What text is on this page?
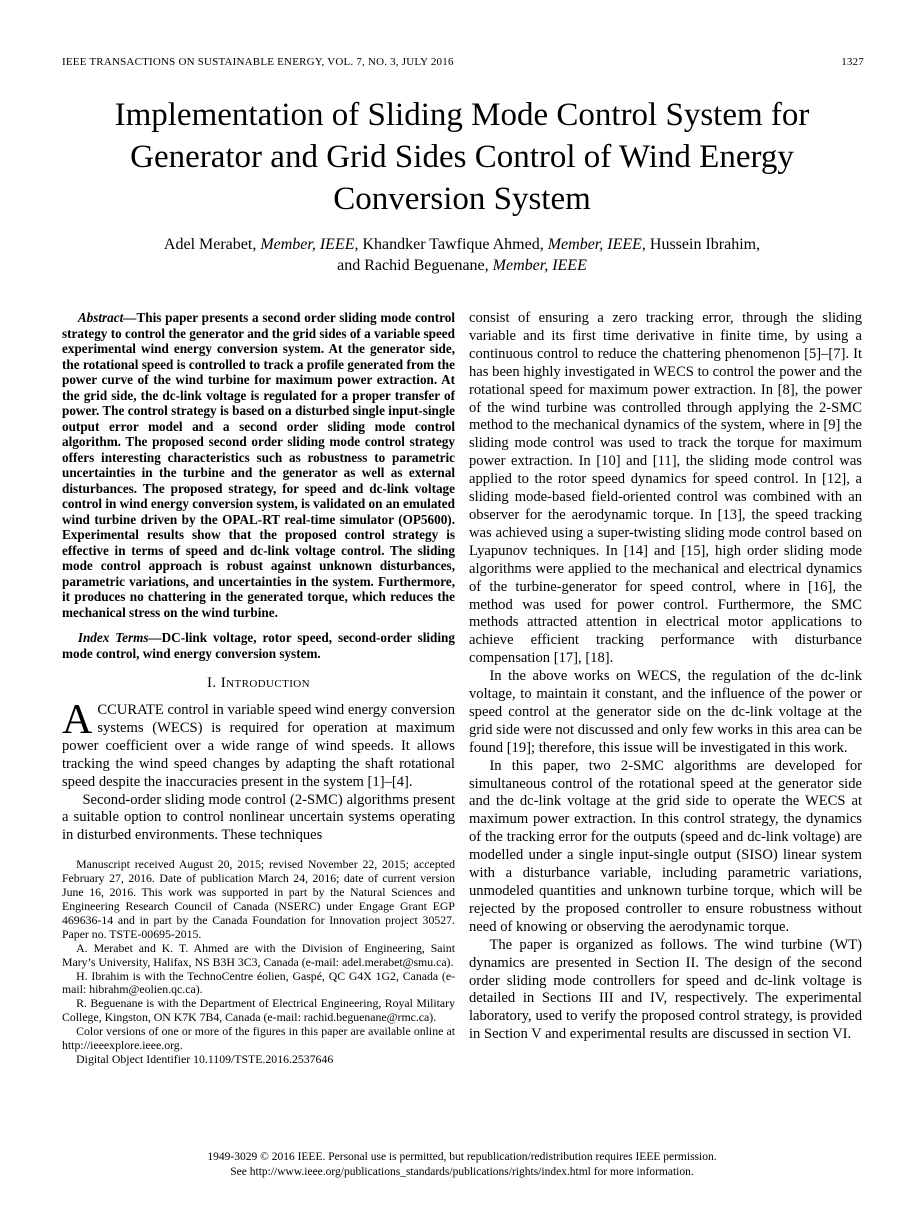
IEEE TRANSACTIONS ON SUSTAINABLE ENERGY, VOL. 7, NO. 3, JULY 2016	1327
Implementation of Sliding Mode Control System for
Generator and Grid Sides Control of Wind Energy
Conversion System
Adel Merabet, Member, IEEE, Khandker Tawfique Ahmed, Member, IEEE, Hussein Ibrahim,
and Rachid Beguenane, Member, IEEE

Abstract—This paper presents a second order sliding mode control strategy to control the generator and the grid sides of a variable speed experimental wind energy conversion system. At the generator side, the rotational speed is controlled to track a profile generated from the power curve of the wind turbine for maximum power extraction. At the grid side, the dc-link voltage is regulated for a proper transfer of power. The control strategy is based on a disturbed single input-single output error model and a second order sliding mode control algorithm. The proposed second order sliding mode control strategy offers interesting characteristics such as robustness to parametric uncertainties in the turbine and the generator as well as external disturbances. The proposed strategy, for speed and dc-link voltage control in wind energy conversion system, is validated on an emulated wind turbine driven by the OPAL-RT real-time simulator (OP5600). Experimental results show that the proposed control strategy is effective in terms of speed and dc-link voltage control. The sliding mode control approach is robust against unknown disturbances, parametric variations, and uncertainties in the system. Furthermore, it produces no chattering in the generated torque, which reduces the mechanical stress on the wind turbine.

Index Terms—DC-link voltage, rotor speed, second-order sliding mode control, wind energy conversion system.

I. Introduction

ACCURATE control in variable speed wind energy conversion systems (WECS) is required for operation at maximum power coefficient over a wide range of wind speeds. It allows tracking the wind speed changes by adapting the shaft rotational speed despite the inaccuracies present in the system [1]–[4].

Second-order sliding mode control (2-SMC) algorithms present a suitable option to control nonlinear uncertain systems operating in disturbed environments. These techniques

Manuscript received August 20, 2015; revised November 22, 2015; accepted February 27, 2016. Date of publication March 24, 2016; date of current version June 16, 2016. This work was supported in part by the Natural Sciences and Engineering Research Council of Canada (NSERC) under Engage Grant EGP 469636-14 and in part by the Canada Foundation for Innovation project 30527. Paper no. TSTE-00695-2015.

A. Merabet and K. T. Ahmed are with the Division of Engineering, Saint Mary’s University, Halifax, NS B3H 3C3, Canada (e-mail: adel.merabet@smu.ca).

H. Ibrahim is with the TechnoCentre éolien, Gaspé, QC G4X 1G2, Canada (e-mail: hibrahm@eolien.qc.ca).

R. Beguenane is with the Department of Electrical Engineering, Royal Military College, Kingston, ON K7K 7B4, Canada (e-mail: rachid.beguenane@rmc.ca).

Color versions of one or more of the figures in this paper are available online at http://ieeexplore.ieee.org.

Digital Object Identifier 10.1109/TSTE.2016.2537646

consist of ensuring a zero tracking error, through the sliding variable and its first time derivative in finite time, by using a continuous control to reduce the chattering phenomenon [5]–[7]. It has been highly investigated in WECS to control the power and the rotational speed for maximum power extraction. In [8], the power of the wind turbine was controlled through applying the 2-SMC method to the mechanical dynamics of the system, where in [9] the sliding mode control was used to track the torque for maximum power extraction. In [10] and [11], the sliding mode control was applied to the rotor speed dynamics for speed control. In [12], a sliding mode-based field-oriented control was combined with an observer for the aerodynamic torque. In [13], the speed tracking was achieved using a super-twisting sliding mode control based on Lyapunov techniques. In [14] and [15], high order sliding mode algorithms were applied to the mechanical and electrical dynamics of the turbine-generator for speed control, where in [16], the method was used for power control. Furthermore, the SMC methods attracted attention in electrical motor applications to achieve efficient tracking performance with disturbance compensation [17], [18].

In the above works on WECS, the regulation of the dc-link voltage, to maintain it constant, and the influence of the power or speed control at the generator side on the dc-link voltage at the grid side were not discussed and only few works in this area can be found [19]; therefore, this issue will be investigated in this work.

In this paper, two 2-SMC algorithms are developed for simultaneous control of the rotational speed at the generator side and the dc-link voltage at the grid side to operate the WECS at maximum power extraction. In this control strategy, the dynamics of the tracking error for the outputs (speed and dc-link voltage) are modelled under a single input-single output (SISO) linear system with a disturbance variable, including parametric variations, unmodeled quantities and unknown turbine torque, which will be rejected by the proposed controller to ensure robustness without need of knowing or observing the aerodynamic torque.

The paper is organized as follows. The wind turbine (WT) dynamics are presented in Section II. The design of the second order sliding mode controllers for speed and dc-link voltage is detailed in Sections III and IV, respectively. The experimental laboratory, used to verify the proposed control strategy, is provided in Section V and experimental results are discussed in section VI.

1949-3029 © 2016 IEEE. Personal use is permitted, but republication/redistribution requires IEEE permission.
See http://www.ieee.org/publications_standards/publications/rights/index.html for more information.
